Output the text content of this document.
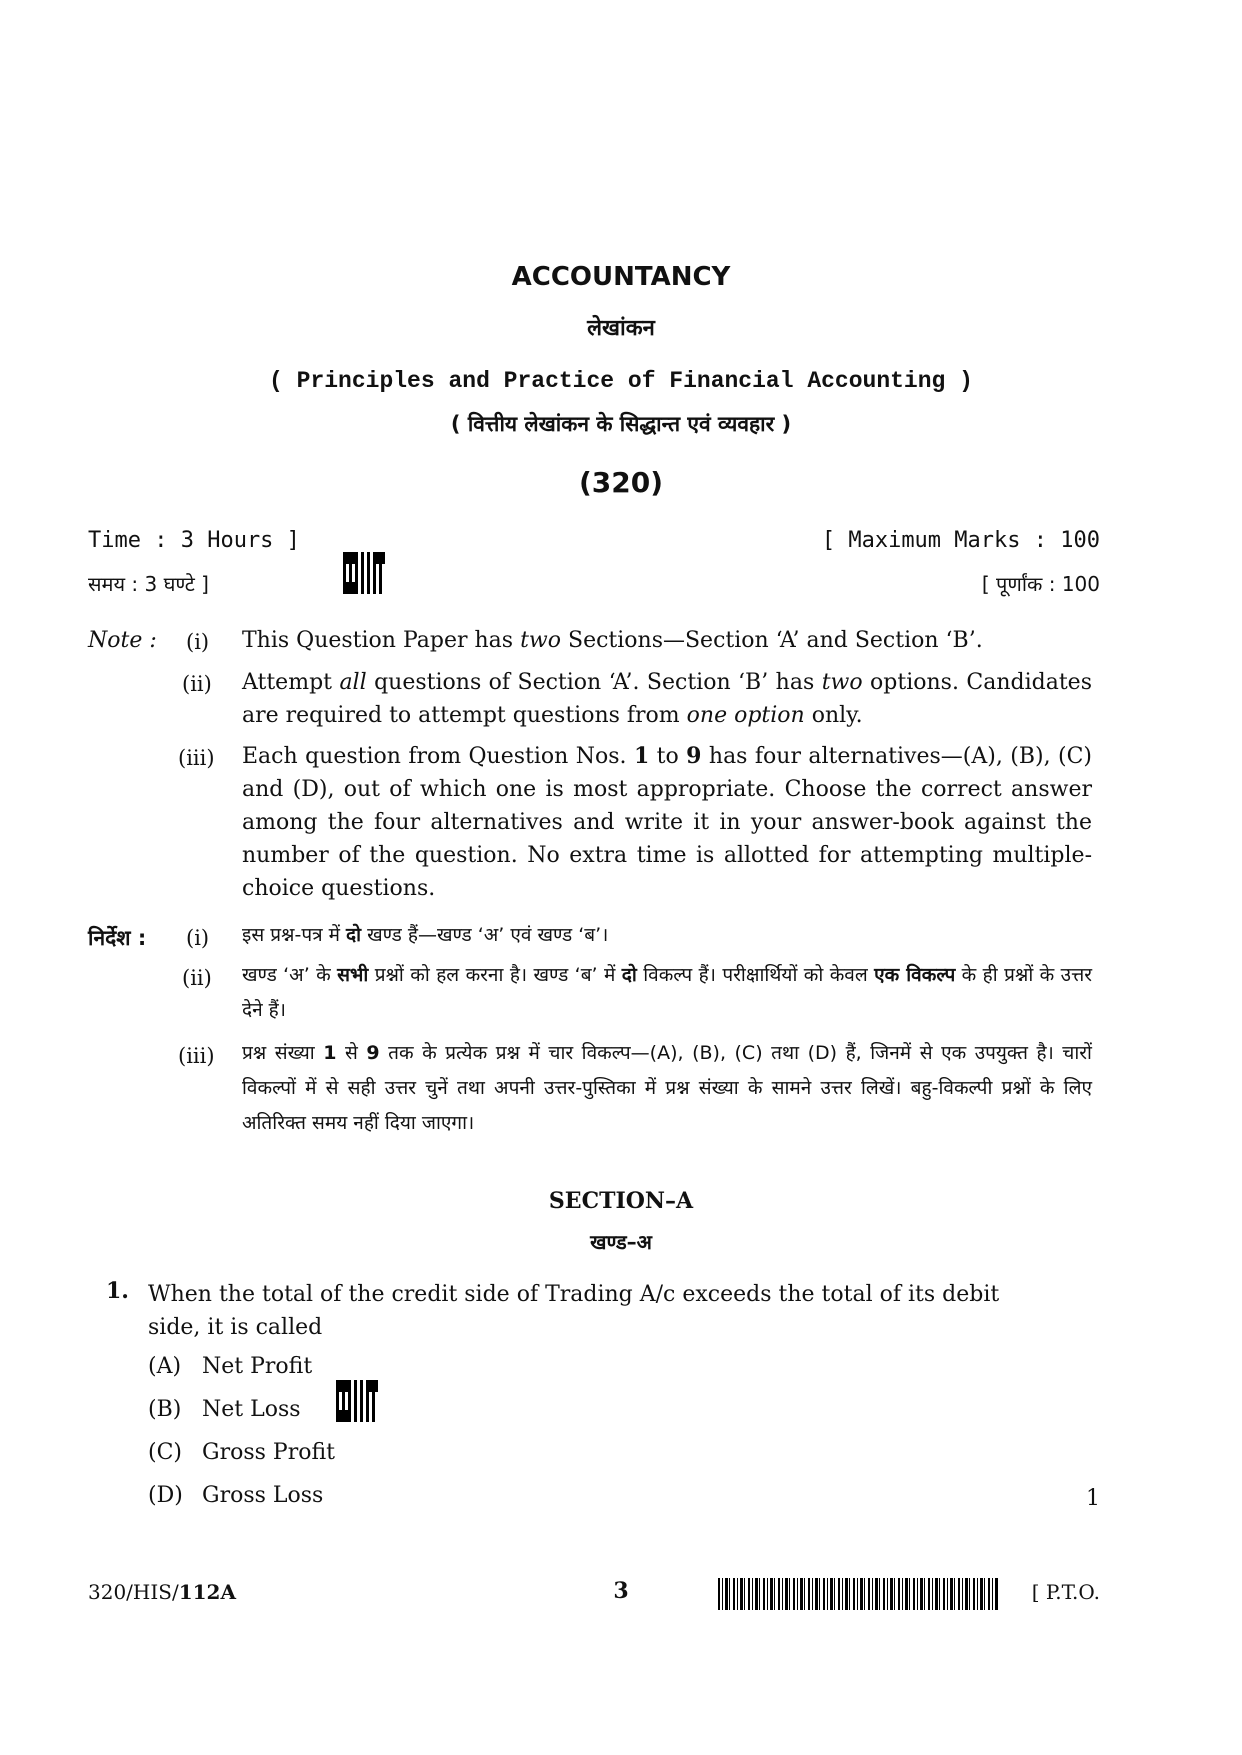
ACCOUNTANCY
लेखांकन
( Principles and Practice of Financial Accounting )
( वित्तीय लेखांकन के सिद्धान्त एवं व्यवहार )
(320)
Time : 3 Hours ]
समय : 3 घण्टे ]
[ Maximum Marks : 100
[ पूर्णांक : 100
Note : (i) This Question Paper has two Sections—Section ‘A’ and Section ‘B’.
(ii) Attempt all questions of Section ‘A’. Section ‘B’ has two options. Candidates are required to attempt questions from one option only.
(iii) Each question from Question Nos. 1 to 9 has four alternatives—(A), (B), (C) and (D), out of which one is most appropriate. Choose the correct answer among the four alternatives and write it in your answer-book against the number of the question. No extra time is allotted for attempting multiple-choice questions.
निर्देश : (i) इस प्रश्न-पत्र में दो खण्ड हैं—खण्ड ‘अ’ एवं खण्ड ‘ब’।
(ii) खण्ड ‘अ’ के सभी प्रश्नों को हल करना है। खण्ड ‘ब’ में दो विकल्प हैं। परीक्षार्थियों को केवल एक विकल्प के ही प्रश्नों के उत्तर देने हैं।
(iii) प्रश्न संख्या 1 से 9 तक के प्रत्येक प्रश्न में चार विकल्प—(A), (B), (C) तथा (D) हैं, जिनमें से एक उपयुक्त है। चारों विकल्पों में से सही उत्तर चुनें तथा अपनी उत्तर-पुस्तिका में प्रश्न संख्या के सामने उत्तर लिखें। बहु-विकल्पी प्रश्नों के लिए अतिरिक्त समय नहीं दिया जाएगा।
SECTION–A
खण्ड–अ
1. When the total of the credit side of Trading A/c exceeds the total of its debit side, it is called
(A) Net Profit
(B) Net Loss
(C) Gross Profit
(D) Gross Loss	1
320/HIS/112A	3	[ P.T.O.
